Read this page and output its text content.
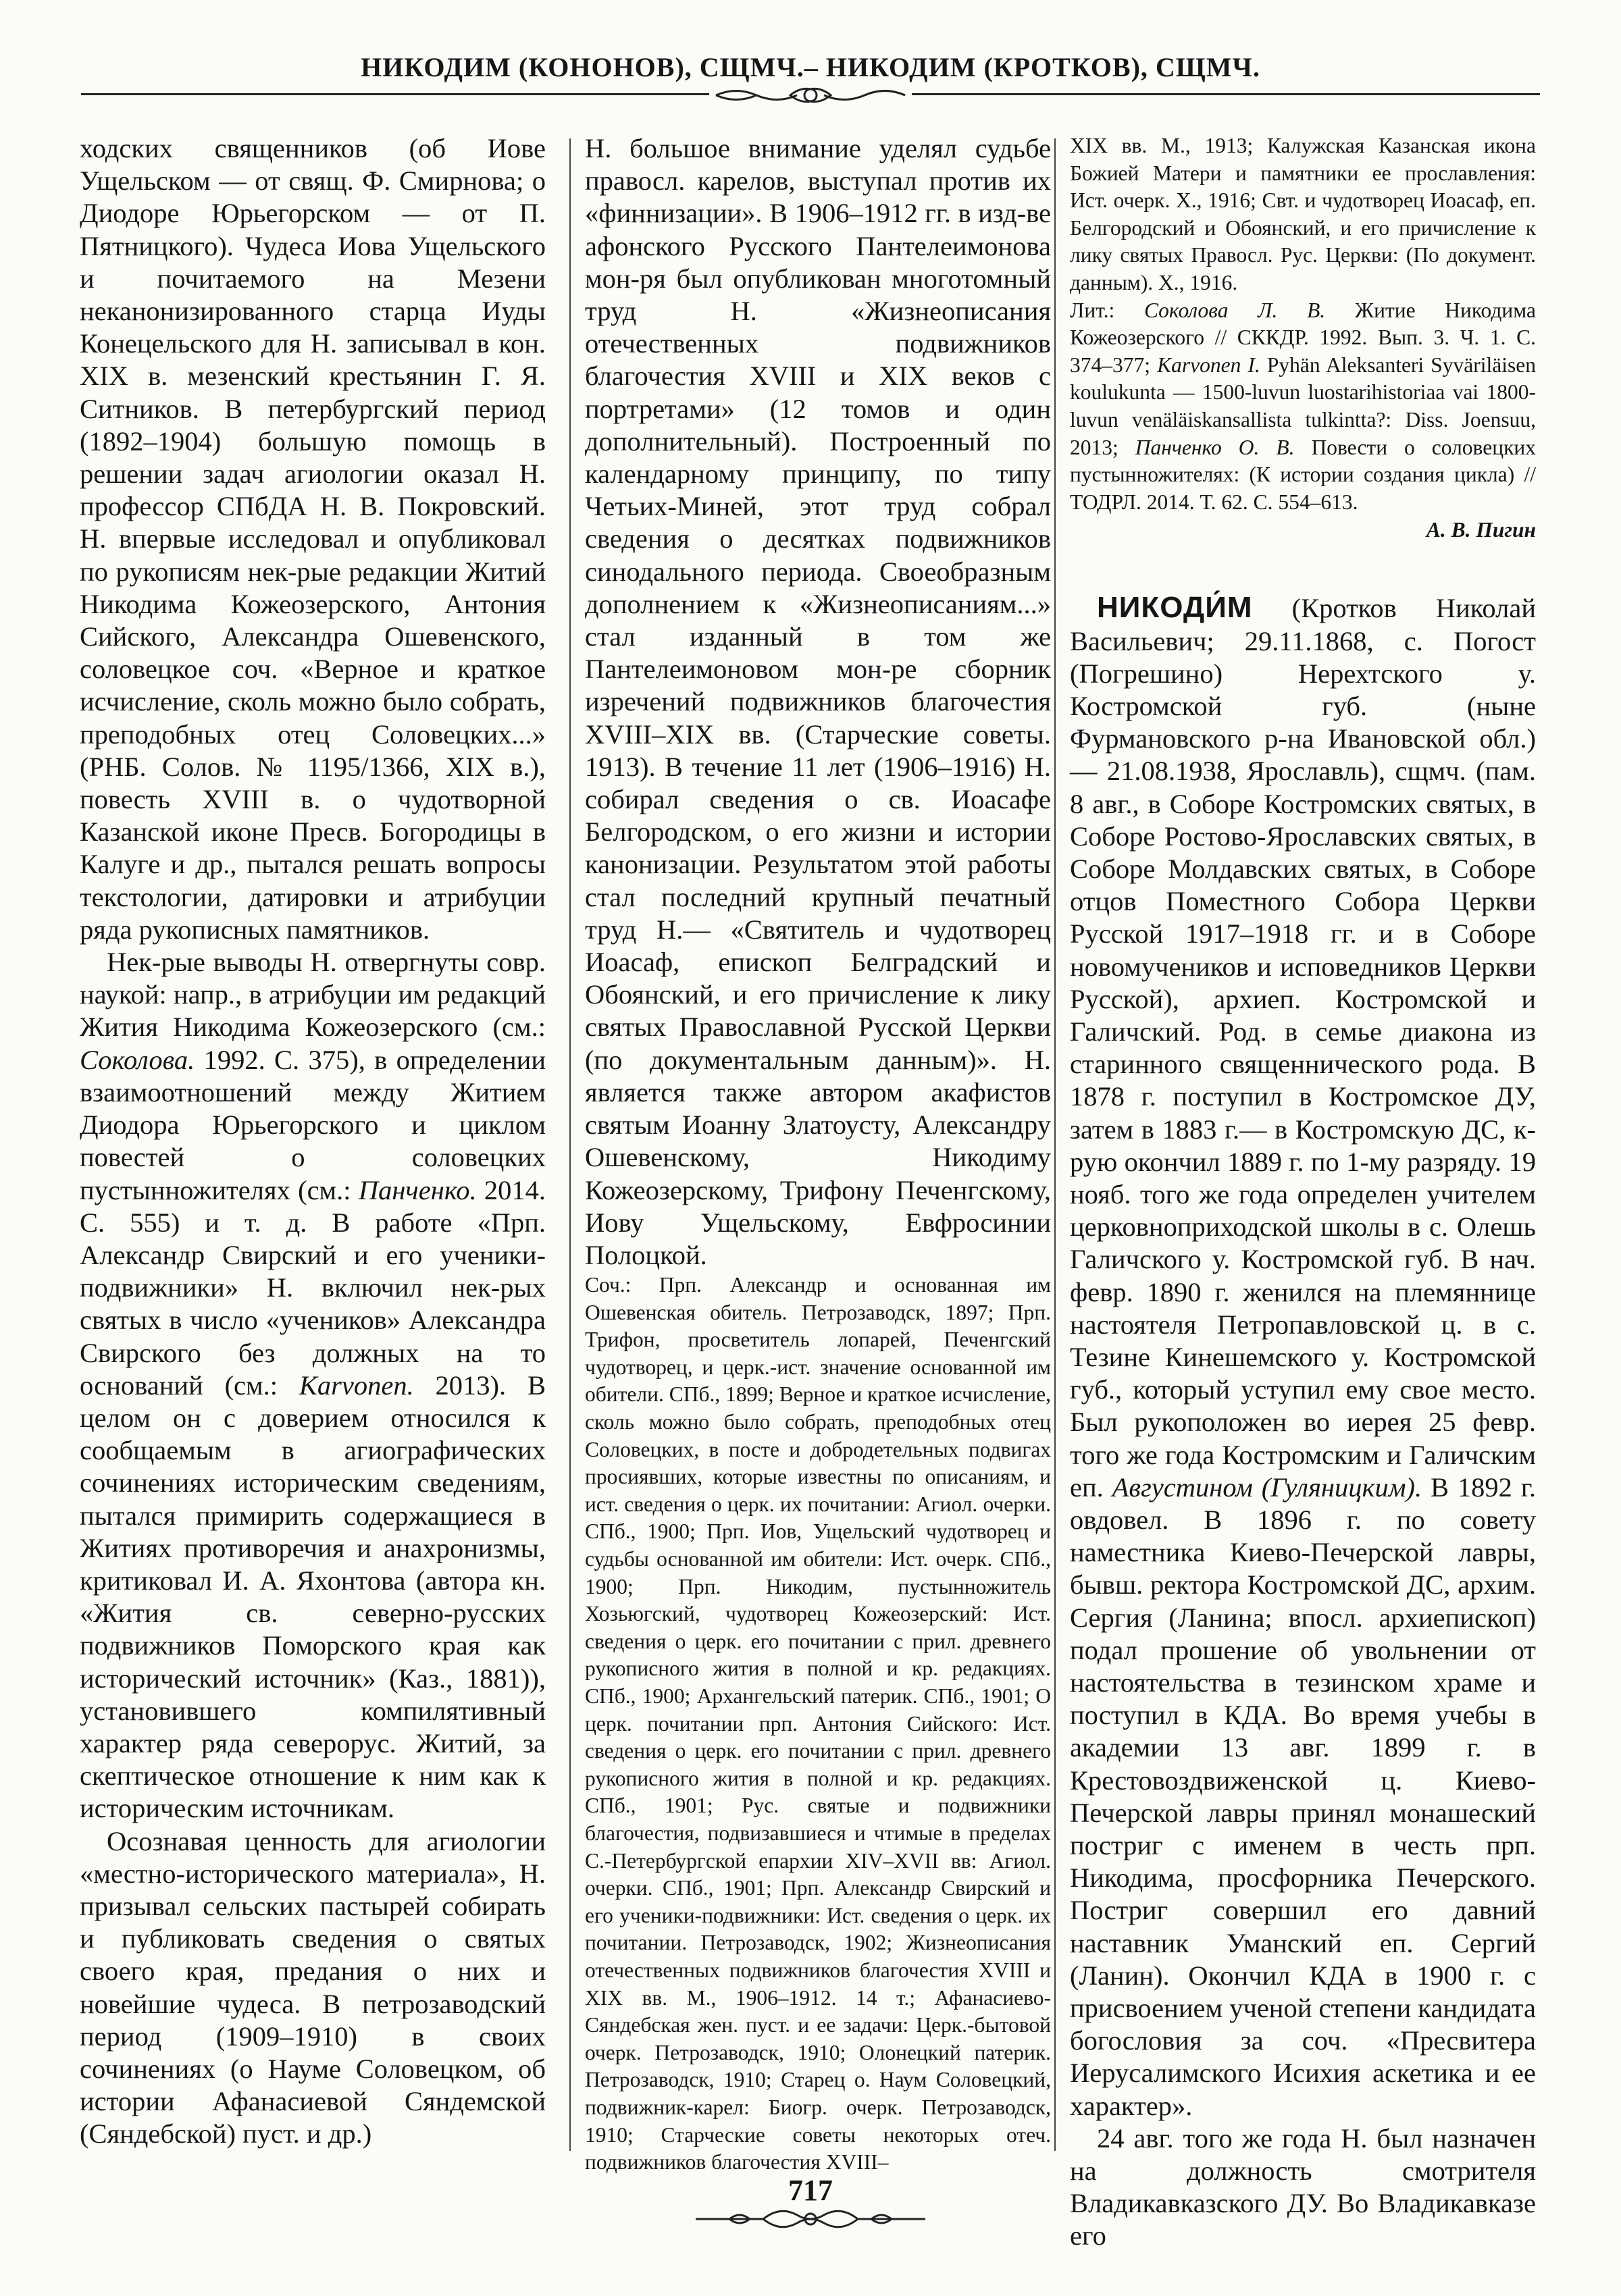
НИКОДИМ (КОНОНОВ), СЩМЧ.– НИКОДИМ (КРОТКОВ), СЩМЧ.

ходских священников (об Иове Ущельском — от свящ. Ф. Смирнова; о Диодоре Юрьегорском — от П. Пятницкого). Чудеса Иова Ущельского и почитаемого на Мезени неканонизированного старца Иуды Конецельского для Н. записывал в кон. XIX в. мезенский крестьянин Г. Я. Ситников. В петербургский период (1892–1904) большую помощь в решении задач агиологии оказал Н. профессор СПбДА Н. В. Покровский. Н. впервые исследовал и опубликовал по рукописям нек-рые редакции Житий Никодима Кожеозерского, Антония Сийского, Александра Ошевенского, соловецкое соч. «Верное и краткое исчисление, сколь можно было собрать, преподобных отец Соловецких...» (РНБ. Солов. № 1195/1366, XIX в.), повесть XVIII в. о чудотворной Казанской иконе Пресв. Богородицы в Калуге и др., пытался решать вопросы текстологии, датировки и атрибуции ряда рукописных памятников.

Нек-рые выводы Н. отвергнуты совр. наукой: напр., в атрибуции им редакций Жития Никодима Кожеозерского (см.: Соколова. 1992. С. 375), в определении взаимоотношений между Житием Диодора Юрьегорского и циклом повестей о соловецких пустынножителях (см.: Панченко. 2014. С. 555) и т. д. В работе «Прп. Александр Свирский и его ученики-подвижники» Н. включил нек-рых святых в число «учеников» Александра Свирского без должных на то оснований (см.: Karvonen. 2013). В целом он с доверием относился к сообщаемым в агиографических сочинениях историческим сведениям, пытался примирить содержащиеся в Житиях противоречия и анахронизмы, критиковал И. А. Яхонтова (автора кн. «Жития св. северно-русских подвижников Поморского края как исторический источник» (Каз., 1881)), установившего компилятивный характер ряда северорус. Житий, за скептическое отношение к ним как к историческим источникам.

Осознавая ценность для агиологии «местно-исторического материала», Н. призывал сельских пастырей собирать и публиковать сведения о святых своего края, предания о них и новейшие чудеса. В петрозаводский период (1909–1910) в своих сочинениях (о Науме Соловецком, об истории Афанасиевой Сяндемской (Сяндебской) пуст. и др.)

Н. большое внимание уделял судьбе правосл. карелов, выступал против их «финнизации». В 1906–1912 гг. в изд-ве афонского Русского Пантелеимонова мон-ря был опубликован многотомный труд Н. «Жизнеописания отечественных подвижников благочестия XVIII и XIX веков с портретами» (12 томов и один дополнительный). Построенный по календарному принципу, по типу Четьих-Миней, этот труд собрал сведения о десятках подвижников синодального периода. Своеобразным дополнением к «Жизнеописаниям...» стал изданный в том же Пантелеимоновом мон-ре сборник изречений подвижников благочестия XVIII–XIX вв. (Старческие советы. 1913). В течение 11 лет (1906–1916) Н. собирал сведения о св. Иоасафе Белгородском, о его жизни и истории канонизации. Результатом этой работы стал последний крупный печатный труд Н.— «Святитель и чудотворец Иоасаф, епископ Белградский и Обоянский, и его причисление к лику святых Православной Русской Церкви (по документальным данным)». Н. является также автором акафистов святым Иоанну Златоусту, Александру Ошевенскому, Никодиму Кожеозерскому, Трифону Печенгскому, Иову Ущельскому, Евфросинии Полоцкой.

Соч.: Прп. Александр и основанная им Ошевенская обитель. Петрозаводск, 1897; Прп. Трифон, просветитель лопарей, Печенгский чудотворец, и церк.-ист. значение основанной им обители. СПб., 1899; Верное и краткое исчисление, сколь можно было собрать, преподобных отец Соловецких, в посте и добродетельных подвигах просиявших, которые известны по описаниям, и ист. сведения о церк. их почитании: Агиол. очерки. СПб., 1900; Прп. Иов, Ущельский чудотворец и судьбы основанной им обители: Ист. очерк. СПб., 1900; Прп. Никодим, пустынножитель Хозьюгский, чудотворец Кожеозерский: Ист. сведения о церк. его почитании с прил. древнего рукописного жития в полной и кр. редакциях. СПб., 1900; Архангельский патерик. СПб., 1901; О церк. почитании прп. Антония Сийского: Ист. сведения о церк. его почитании с прил. древнего рукописного жития в полной и кр. редакциях. СПб., 1901; Рус. святые и подвижники благочестия, подвизавшиеся и чтимые в пределах С.-Петербургской епархии XIV–XVII вв: Агиол. очерки. СПб., 1901; Прп. Александр Свирский и его ученики-подвижники: Ист. сведения о церк. их почитании. Петрозаводск, 1902; Жизнеописания отечественных подвижников благочестия XVIII и XIX вв. М., 1906–1912. 14 т.; Афанасиево-Сяндебская жен. пуст. и ее задачи: Церк.-бытовой очерк. Петрозаводск, 1910; Олонецкий патерик. Петрозаводск, 1910; Старец о. Наум Соловецкий, подвижник-карел: Биогр. очерк. Петрозаводск, 1910; Старческие советы некоторых отеч. подвижников благочестия XVIII–

XIX вв. М., 1913; Калужская Казанская икона Божией Матери и памятники ее прославления: Ист. очерк. Х., 1916; Свт. и чудотворец Иоасаф, еп. Белгородский и Обоянский, и его причисление к лику святых Правосл. Рус. Церкви: (По документ. данным). Х., 1916.

Лит.: Соколова Л. В. Житие Никодима Кожеозерского // СККДР. 1992. Вып. 3. Ч. 1. С. 374–377; Karvonen I. Pyhän Aleksanteri Syväriläisen koulukunta — 1500-luvun luostarihistoriaa vai 1800-luvun venäläiskansallista tulkintta?: Diss. Joensuu, 2013; Панченко О. В. Повести о соловецких пустынножителях: (К истории создания цикла) // ТОДРЛ. 2014. Т. 62. С. 554–613.

А. В. Пигин

НИКОДИ́М (Кротков Николай Васильевич; 29.11.1868, с. Погост (Погрешино) Нерехтского у. Костромской губ. (ныне Фурмановского р-на Ивановской обл.) — 21.08.1938, Ярославль), сщмч. (пам. 8 авг., в Соборе Костромских святых, в Соборе Ростово-Ярославских святых, в Соборе Молдавских святых, в Соборе отцов Поместного Собора Церкви Русской 1917–1918 гг. и в Соборе новомучеников и исповедников Церкви Русской), архиеп. Костромской и Галичский. Род. в семье диакона из старинного священнического рода. В 1878 г. поступил в Костромское ДУ, затем в 1883 г.— в Костромскую ДС, к-рую окончил 1889 г. по 1-му разряду. 19 нояб. того же года определен учителем церковноприходской школы в с. Олешь Галичского у. Костромской губ. В нач. февр. 1890 г. женился на племяннице настоятеля Петропавловской ц. в с. Тезине Кинешемского у. Костромской губ., который уступил ему свое место. Был рукоположен во иерея 25 февр. того же года Костромским и Галичским еп. Августином (Гуляницким). В 1892 г. овдовел. В 1896 г. по совету наместника Киево-Печерской лавры, бывш. ректора Костромской ДС, архим. Сергия (Ланина; впосл. архиепископ) подал прошение об увольнении от настоятельства в тезинском храме и поступил в КДА. Во время учебы в академии 13 авг. 1899 г. в Крестовоздвиженской ц. Киево-Печерской лавры принял монашеский постриг с именем в честь прп. Никодима, просфорника Печерского. Постриг совершил его давний наставник Уманский еп. Сергий (Ланин). Окончил КДА в 1900 г. с присвоением ученой степени кандидата богословия за соч. «Пресвитера Иерусалимского Исихия аскетика и ее характер».

24 авг. того же года Н. был назначен на должность смотрителя Владикавказского ДУ. Во Владикавказе его

717
